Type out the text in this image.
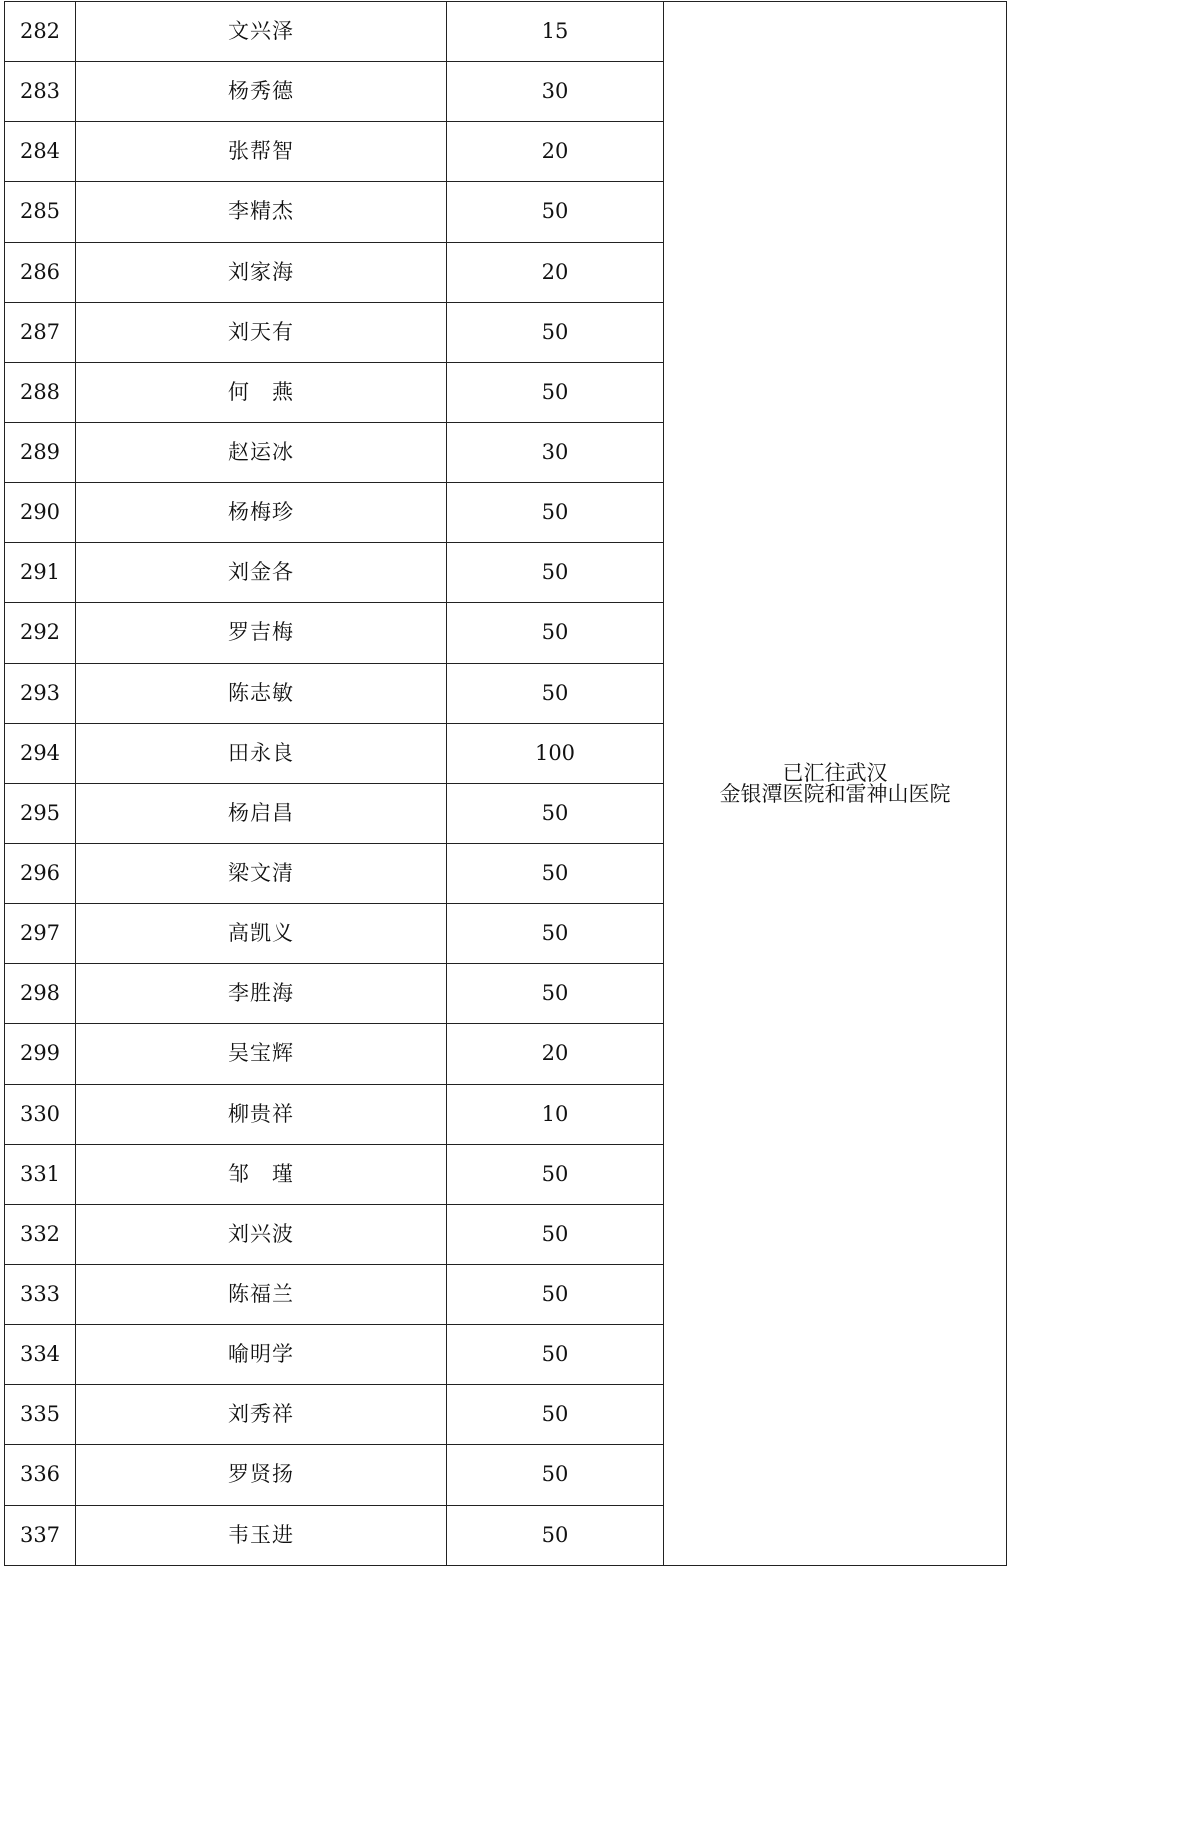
282	文兴泽	15	已汇往武汉
金银潭医院和雷神山医院

283	杨秀德	30	
284	张帮智	20	
285	李精杰	50	
286	刘家海	20	
287	刘天有	50	
288	何　燕	50	
289	赵运冰	30	
290	杨梅珍	50	
291	刘金各	50	
292	罗吉梅	50	
293	陈志敏	50	
294	田永良	100	
295	杨启昌	50	
296	梁文清	50	
297	高凯义	50	
298	李胜海	50	
299	吴宝辉	20	
330	柳贵祥	10	
331	邹　瑾	50	
332	刘兴波	50	
333	陈福兰	50	
334	喻明学	50	
335	刘秀祥	50	
336	罗贤扬	50	
337	韦玉进	50	
